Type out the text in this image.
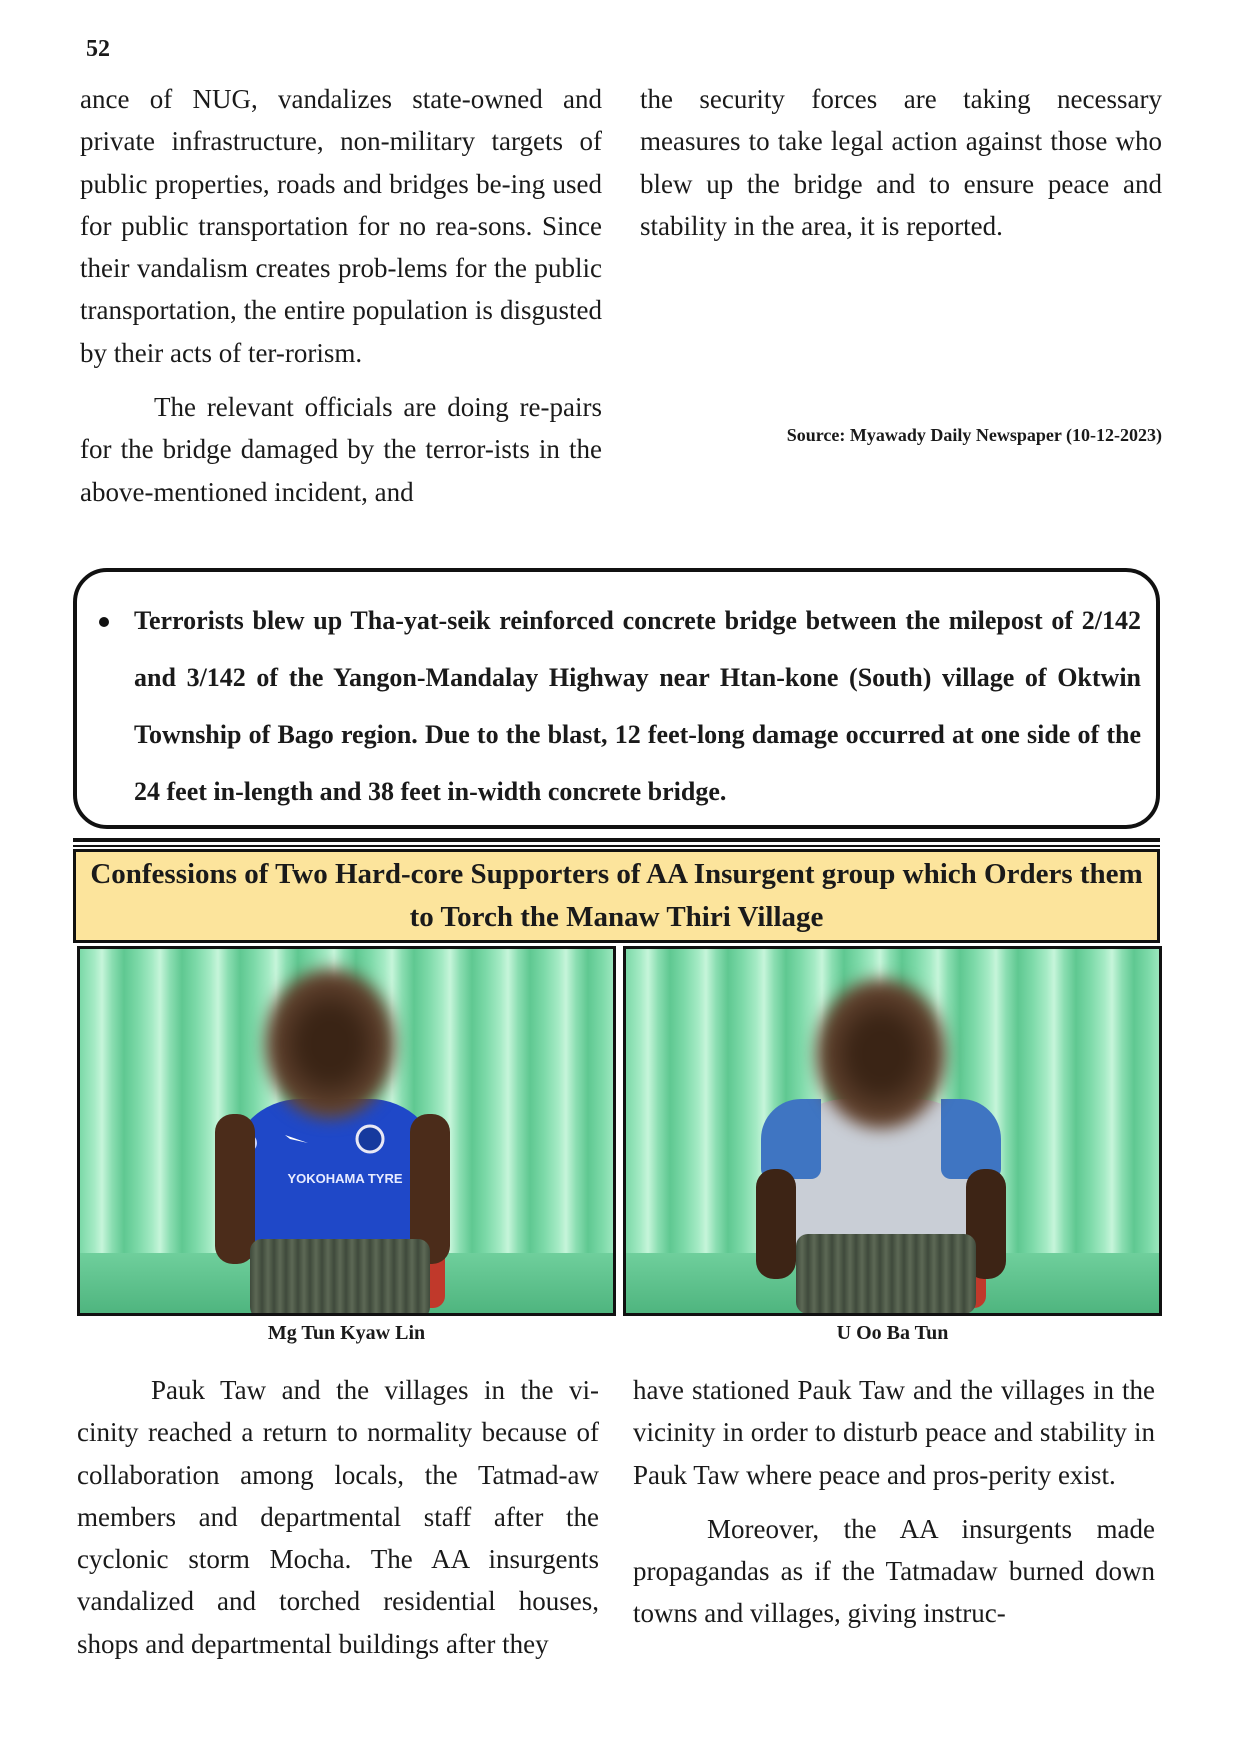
52

ance of NUG, vandalizes state-owned and private infrastructure, non-military targets of public properties, roads and bridges be-ing used for public transportation for no rea-sons. Since their vandalism creates prob-lems for the public transportation, the entire population is disgusted by their acts of ter-rorism.

The relevant officials are doing re-pairs for the bridge damaged by the terror-ists in the above-mentioned incident, and

the security forces are taking necessary measures to take legal action against those who blew up the bridge and to ensure peace and stability in the area, it is reported.

Source: Myawady Daily Newspaper (10-12-2023)
Terrorists blew up Tha-yat-seik reinforced concrete bridge between the milepost of 2/142 and 3/142 of the Yangon-Mandalay Highway near Htan-kone (South) village of Oktwin Township of Bago region. Due to the blast, 12 feet-long damage occurred at one side of the 24 feet in-length and 38 feet in-width concrete bridge.
Confessions of Two Hard-core Supporters of AA Insurgent group which Orders them to Torch the Manaw Thiri Village
YOKOHAMA TYRE
Mg Tun Kyaw Lin	U Oo Ba Tun

Pauk Taw and the villages in the vi-cinity reached a return to normality because of collaboration among locals, the Tatmad-aw members and departmental staff after the cyclonic storm Mocha. The AA insurgents vandalized and torched residential houses, shops and departmental buildings after they

have stationed Pauk Taw and the villages in the vicinity in order to disturb peace and stability in Pauk Taw where peace and pros-perity exist.

Moreover, the AA insurgents made propagandas as if the Tatmadaw burned down towns and villages, giving instruc-
